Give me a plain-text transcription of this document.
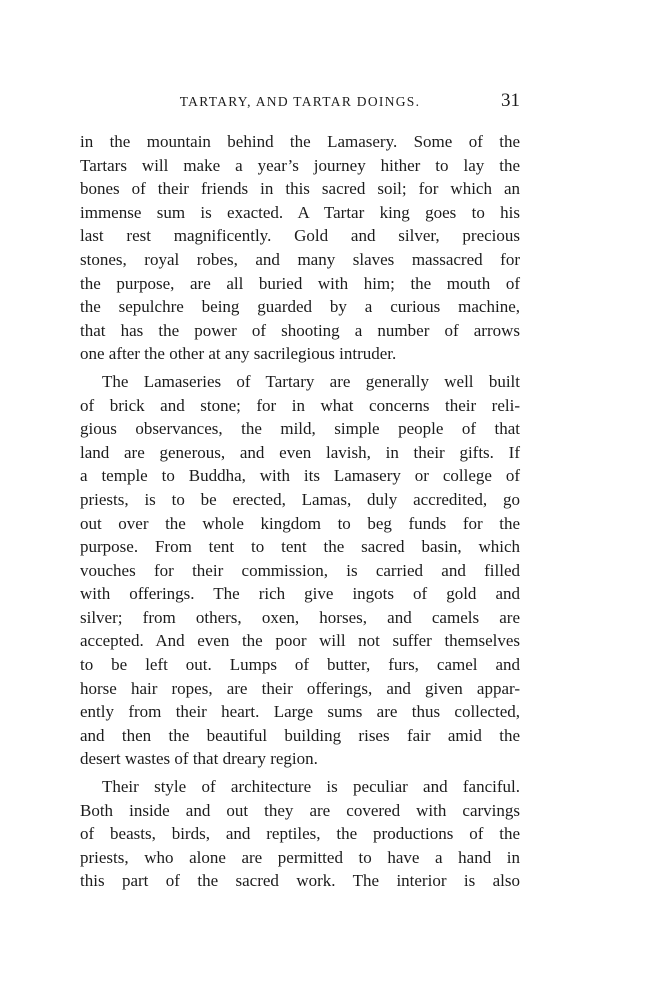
TARTARY, AND TARTAR DOINGS.	31
in the mountain behind the Lamasery. Some of the
Tartars will make a year’s journey hither to lay the
bones of their friends in this sacred soil; for which an
immense sum is exacted. A Tartar king goes to his
last rest magnificently. Gold and silver, precious
stones, royal robes, and many slaves massacred for
the purpose, are all buried with him; the mouth of
the sepulchre being guarded by a curious machine,
that has the power of shooting a number of arrows
one after the other at any sacrilegious intruder.
The Lamaseries of Tartary are generally well built
of brick and stone; for in what concerns their reli-
gious observances, the mild, simple people of that
land are generous, and even lavish, in their gifts. If
a temple to Buddha, with its Lamasery or college of
priests, is to be erected, Lamas, duly accredited, go
out over the whole kingdom to beg funds for the
purpose. From tent to tent the sacred basin, which
vouches for their commission, is carried and filled
with offerings. The rich give ingots of gold and
silver; from others, oxen, horses, and camels are
accepted. And even the poor will not suffer themselves
to be left out. Lumps of butter, furs, camel and
horse hair ropes, are their offerings, and given appar-
ently from their heart. Large sums are thus collected,
and then the beautiful building rises fair amid the
desert wastes of that dreary region.
Their style of architecture is peculiar and fanciful.
Both inside and out they are covered with carvings
of beasts, birds, and reptiles, the productions of the
priests, who alone are permitted to have a hand in
this part of the sacred work. The interior is also
